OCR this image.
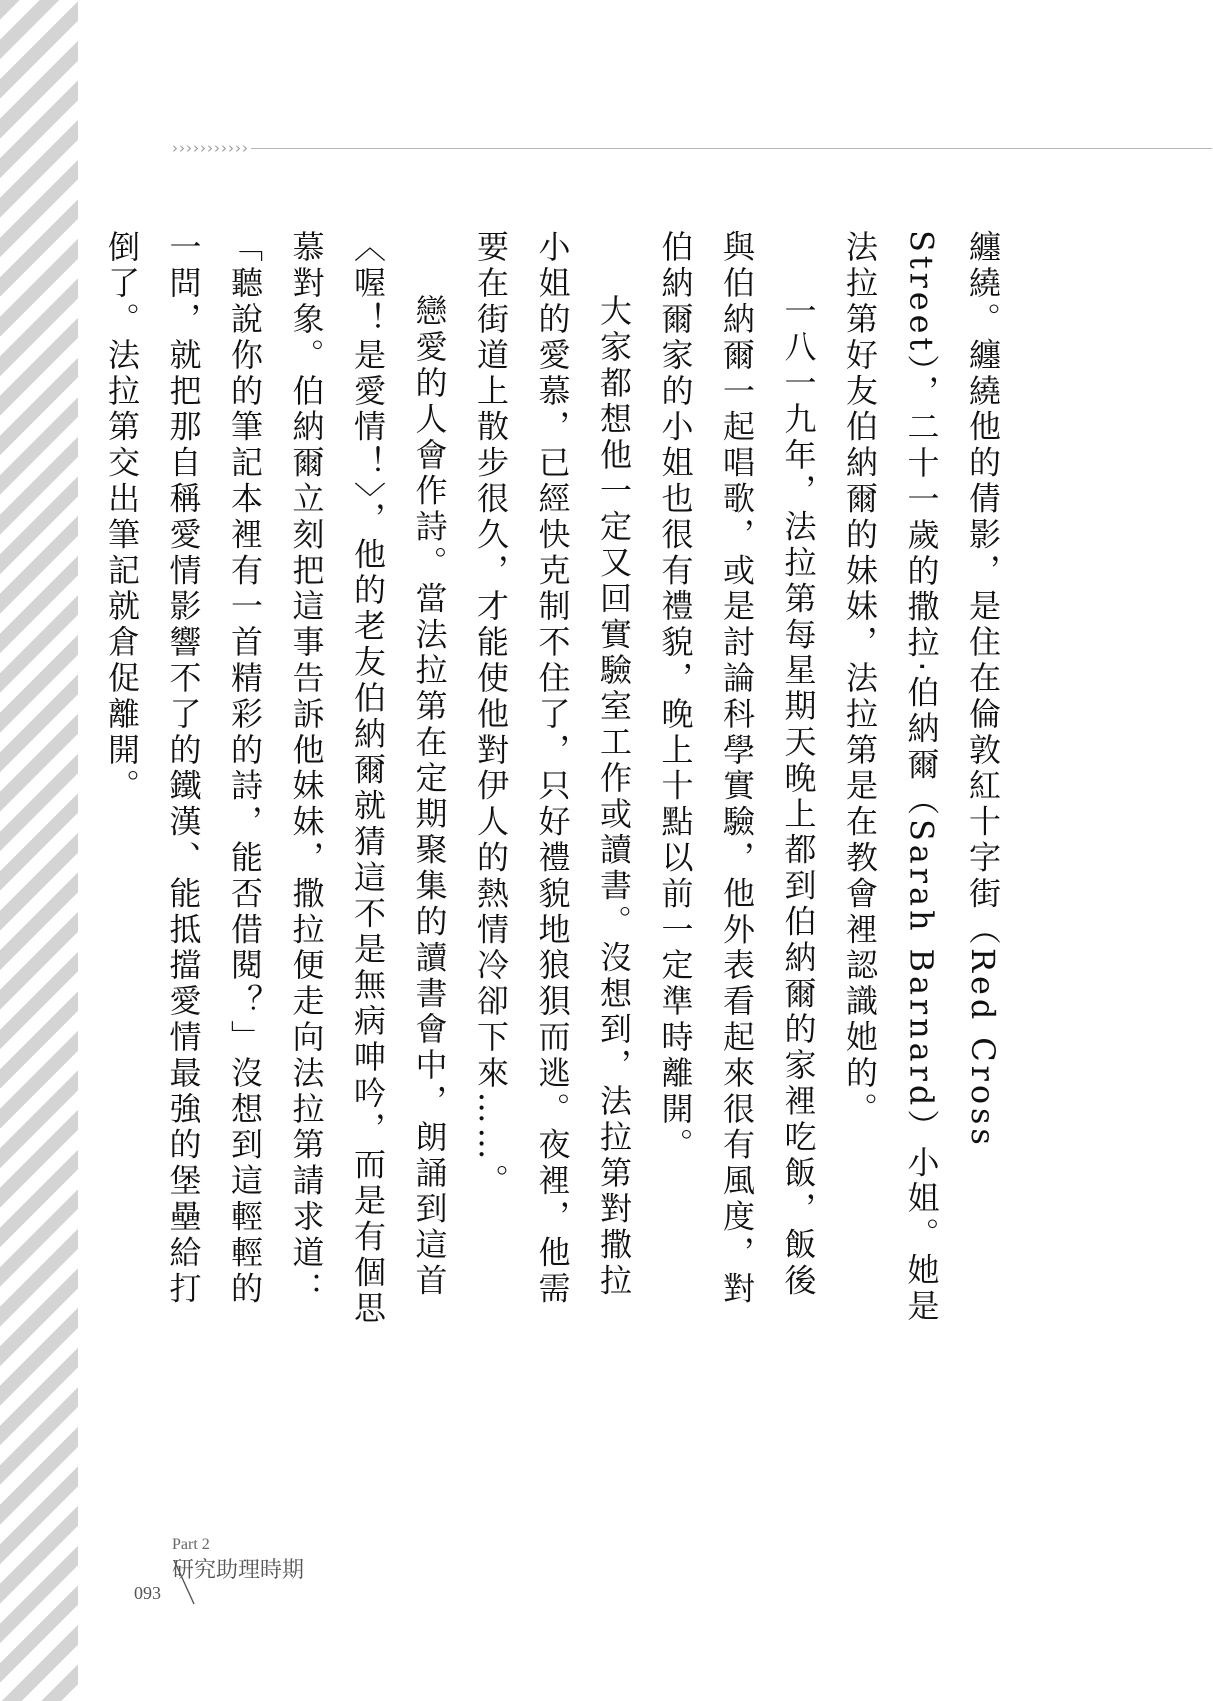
›››››››››››

纏繞。纏繞他的倩影，是住在倫敦紅十字街（Red Cross Street），二十一歲的撒拉‧伯納爾（Sarah Barnard）小姐。她是法拉第好友伯納爾的妹妹，法拉第是在教會裡認識她的。

一八一九年，法拉第每星期天晚上都到伯納爾的家裡吃飯，飯後與伯納爾一起唱歌，或是討論科學實驗，他外表看起來很有風度，對伯納爾家的小姐也很有禮貌，晚上十點以前一定準時離開。

大家都想他一定又回實驗室工作或讀書。沒想到，法拉第對撒拉小姐的愛慕，已經快克制不住了，只好禮貌地狼狽而逃。夜裡，他需要在街道上散步很久，才能使他對伊人的熱情冷卻下來……。

戀愛的人會作詩。當法拉第在定期聚集的讀書會中，朗誦到這首〈喔！是愛情！〉，他的老友伯納爾就猜這不是無病呻吟，而是有個思慕對象。伯納爾立刻把這事告訴他妹妹，撒拉便走向法拉第請求道：「聽說你的筆記本裡有一首精彩的詩，能否借閱？」沒想到這輕輕的一問，就把那自稱愛情影響不了的鐵漢、能抵擋愛情最強的堡壘給打倒了。法拉第交出筆記就倉促離開。

Part 2
研究助理時期
093
